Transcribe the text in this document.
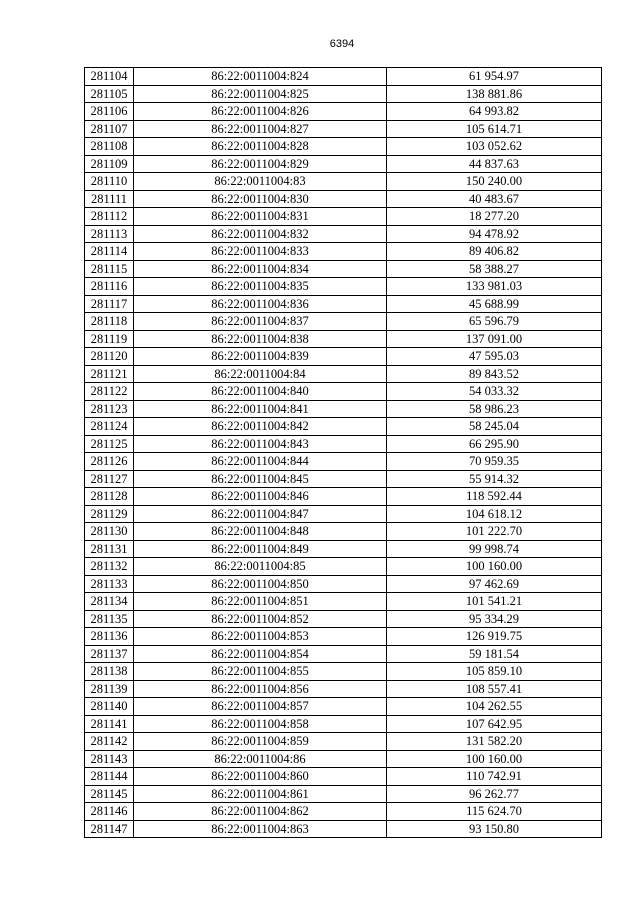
6394
281104	86:22:0011004:824	61 954.97
281105	86:22:0011004:825	138 881.86
281106	86:22:0011004:826	64 993.82
281107	86:22:0011004:827	105 614.71
281108	86:22:0011004:828	103 052.62
281109	86:22:0011004:829	44 837.63
281110	86:22:0011004:83	150 240.00
281111	86:22:0011004:830	40 483.67
281112	86:22:0011004:831	18 277.20
281113	86:22:0011004:832	94 478.92
281114	86:22:0011004:833	89 406.82
281115	86:22:0011004:834	58 388.27
281116	86:22:0011004:835	133 981.03
281117	86:22:0011004:836	45 688.99
281118	86:22:0011004:837	65 596.79
281119	86:22:0011004:838	137 091.00
281120	86:22:0011004:839	47 595.03
281121	86:22:0011004:84	89 843.52
281122	86:22:0011004:840	54 033.32
281123	86:22:0011004:841	58 986.23
281124	86:22:0011004:842	58 245.04
281125	86:22:0011004:843	66 295.90
281126	86:22:0011004:844	70 959.35
281127	86:22:0011004:845	55 914.32
281128	86:22:0011004:846	118 592.44
281129	86:22:0011004:847	104 618.12
281130	86:22:0011004:848	101 222.70
281131	86:22:0011004:849	99 998.74
281132	86:22:0011004:85	100 160.00
281133	86:22:0011004:850	97 462.69
281134	86:22:0011004:851	101 541.21
281135	86:22:0011004:852	95 334.29
281136	86:22:0011004:853	126 919.75
281137	86:22:0011004:854	59 181.54
281138	86:22:0011004:855	105 859.10
281139	86:22:0011004:856	108 557.41
281140	86:22:0011004:857	104 262.55
281141	86:22:0011004:858	107 642.95
281142	86:22:0011004:859	131 582.20
281143	86:22:0011004:86	100 160.00
281144	86:22:0011004:860	110 742.91
281145	86:22:0011004:861	96 262.77
281146	86:22:0011004:862	115 624.70
281147	86:22:0011004:863	93 150.80
